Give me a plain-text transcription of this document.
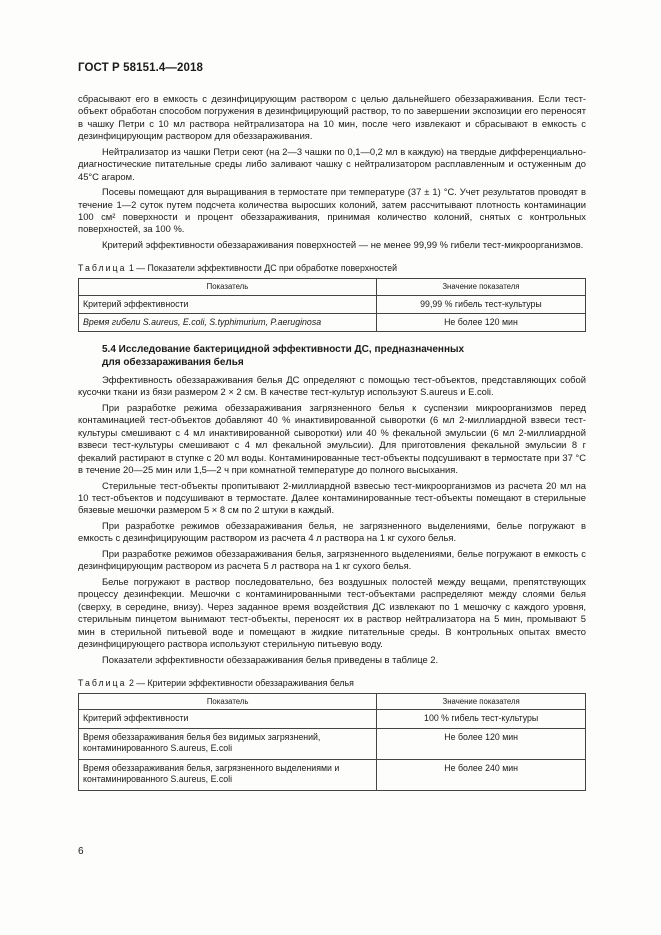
ГОСТ Р 58151.4—2018

сбрасывают его в емкость с дезинфицирующим раствором с целью дальнейшего обеззараживания. Если тест-объект обработан способом погружения в дезинфицирующий раствор, то по завершении экспозиции его переносят в чашку Петри с 10 мл раствора нейтрализатора на 10 мин, после чего извлекают и сбрасывают в емкость с дезинфицирующим раствором для обеззараживания.

Нейтрализатор из чашки Петри сеют (на 2—3 чашки по 0,1—0,2 мл в каждую) на твердые дифференциально-диагностические питательные среды либо заливают чашку с нейтрализатором расплавленным и остуженным до 45°С агаром.

Посевы помещают для выращивания в термостате при температуре (37 ± 1) °С. Учет результатов проводят в течение 1—2 суток путем подсчета количества выросших колоний, затем рассчитывают плотность контаминации 100 см² поверхности и процент обеззараживания, принимая количество колоний, снятых с контрольных поверхностей, за 100 %.

Критерий эффективности обеззараживания поверхностей — не менее 99,99 % гибели тест-микроорганизмов.

Таблица 1 — Показатели эффективности ДС при обработке поверхностей
Показатель	Значение показателя
Критерий эффективности	99,99 % гибель тест-культуры
Время гибели S.aureus, E.coli, S.typhimurium, P.aeruginosa	Не более 120 мин
5.4 Исследование бактерицидной эффективности ДС, предназначенных
для обеззараживания белья

Эффективность обеззараживания белья ДС определяют с помощью тест-объектов, представляющих собой кусочки ткани из бязи размером 2 × 2 см. В качестве тест-культур используют S.aureus и E.coli.

При разработке режима обеззараживания загрязненного белья к суспензии микроорганизмов перед контаминацией тест-объектов добавляют 40 % инактивированной сыворотки (6 мл 2-миллиардной взвеси тест-культуры смешивают с 4 мл инактивированной сыворотки) или 40 % фекальной эмульсии (6 мл 2-миллиардной взвеси тест-культуры смешивают с 4 мл фекальной эмульсии). Для приготовления фекальной эмульсии 8 г фекалий растирают в ступке с 20 мл воды. Контаминированные тест-объекты подсушивают в термостате при 37 °С в течение 20—25 мин или 1,5—2 ч при комнатной температуре до полного высыхания.

Стерильные тест-объекты пропитывают 2-миллиардной взвесью тест-микроорганизмов из расчета 20 мл на 10 тест-объектов и подсушивают в термостате. Далее контаминированные тест-объекты помещают в стерильные бязевые мешочки размером 5 × 8 см по 2 штуки в каждый.

При разработке режимов обеззараживания белья, не загрязненного выделениями, белье погружают в емкость с дезинфицирующим раствором из расчета 4 л раствора на 1 кг сухого белья.

При разработке режимов обеззараживания белья, загрязненного выделениями, белье погружают в емкость с дезинфицирующим раствором из расчета 5 л раствора на 1 кг сухого белья.

Белье погружают в раствор последовательно, без воздушных полостей между вещами, препятствующих процессу дезинфекции. Мешочки с контаминированными тест-объектами распределяют между слоями белья (сверху, в середине, внизу). Через заданное время воздействия ДС извлекают по 1 мешочку с каждого уровня, стерильным пинцетом вынимают тест-объекты, переносят их в раствор нейтрализатора на 5 мин, промывают 5 мин в стерильной питьевой воде и помещают в жидкие питательные среды. В контрольных опытах вместо дезинфицирующего раствора используют стерильную питьевую воду.

Показатели эффективности обеззараживания белья приведены в таблице 2.

Таблица 2 — Критерии эффективности обеззараживания белья
Показатель	Значение показателя
Критерий эффективности	100 % гибель тест-культуры
Время обеззараживания белья без видимых загрязнений, контаминированного S.aureus, E.coli	Не более 120 мин
Время обеззараживания белья, загрязненного выделениями и контаминированного S.aureus, E.coli	Не более 240 мин
6
